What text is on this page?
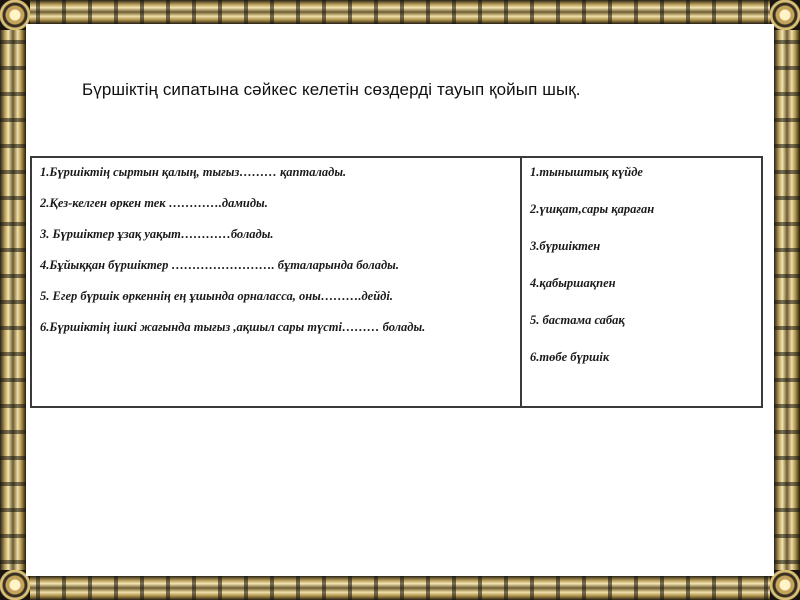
Бүршіктің сипатына сәйкес келетін сөздерді тауып қойып шық.
1.Бүршіктің сыртын қалың, тығыз……… қапталады.
2.Қез-келген өркен тек ………….дамиды.
3. Бүршіктер ұзақ уақыт…………болады.
4.Бұйыққан бүршіктер ……………………. бұталарында болады.
5. Егер бүршік өркеннің ең ұшында орналасса, оны……….дейді.
6.Бүршіктің ішкі жағында тығыз ,ақшыл сары түсті……… болады.

1.тыныштық күйде
2.үшқат,сары қараған
3.бүршіктен
4.қабыршақпен
5. бастама сабақ
6.төбе бүршік
